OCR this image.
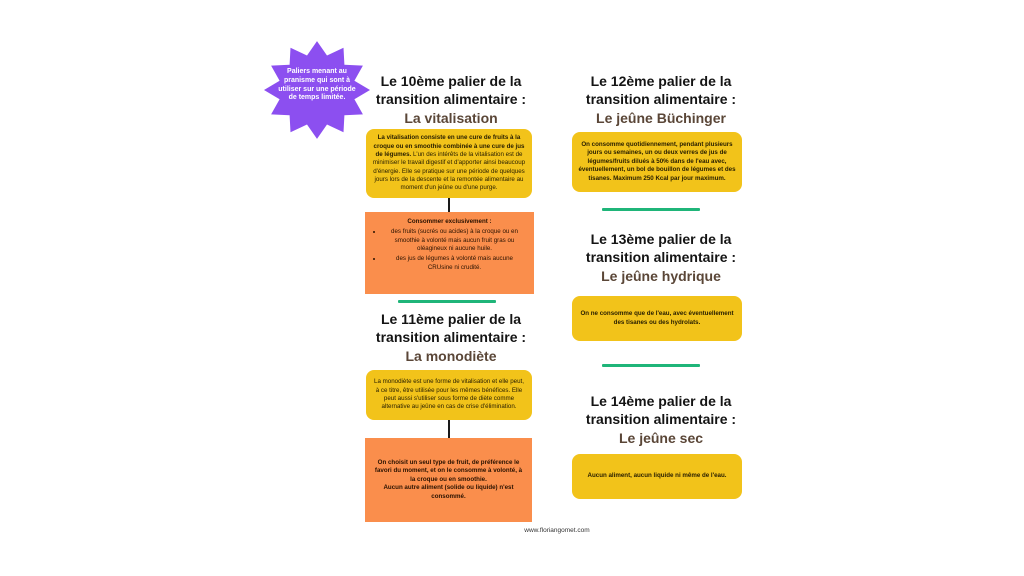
Paliers menant au pranisme qui sont à utiliser sur une période de temps limitée.
Le 10ème palier de la transition alimentaire :
La vitalisation
La vitalisation consiste en une cure de fruits à la croque ou en smoothie combinée à une cure de jus de légumes. L'un des intérêts de la vitalisation est de minimiser le travail digestif et d'apporter ainsi beaucoup d'énergie. Elle se pratique sur une période de quelques jours lors de la descente et la remontée alimentaire au moment d'un jeûne ou d'une purge.
Consommer exclusivement :
• des fruits (sucrés ou acides) à la croque ou en smoothie à volonté mais aucun fruit gras ou oléagineux ni aucune huile.
• des jus de légumes à volonté mais aucune CRUsine ni crudité.
Le 11ème palier de la transition alimentaire :
La monodiète
La monodiète est une forme de vitalisation et elle peut, à ce titre, être utilisée pour les mêmes bénéfices. Elle peut aussi s'utiliser sous forme de diète comme alternative au jeûne en cas de crise d'élimination.
On choisit un seul type de fruit, de préférence le favori du moment, et on le consomme à volonté, à la croque ou en smoothie.
Aucun autre aliment (solide ou liquide) n'est consommé.
Le 12ème palier de la transition alimentaire :
Le jeûne Büchinger
On consomme quotidiennement, pendant plusieurs jours ou semaines, un ou deux verres de jus de légumes/fruits dilués à 50% dans de l'eau avec, éventuellement, un bol de bouillon de légumes et des tisanes. Maximum 250 Kcal par jour maximum.
Le 13ème palier de la transition alimentaire :
Le jeûne hydrique
On ne consomme que de l'eau, avec éventuellement des tisanes ou des hydrolats.
Le 14ème palier de la transition alimentaire :
Le jeûne sec
Aucun aliment, aucun liquide ni même de l'eau.
www.floriangomet.com
